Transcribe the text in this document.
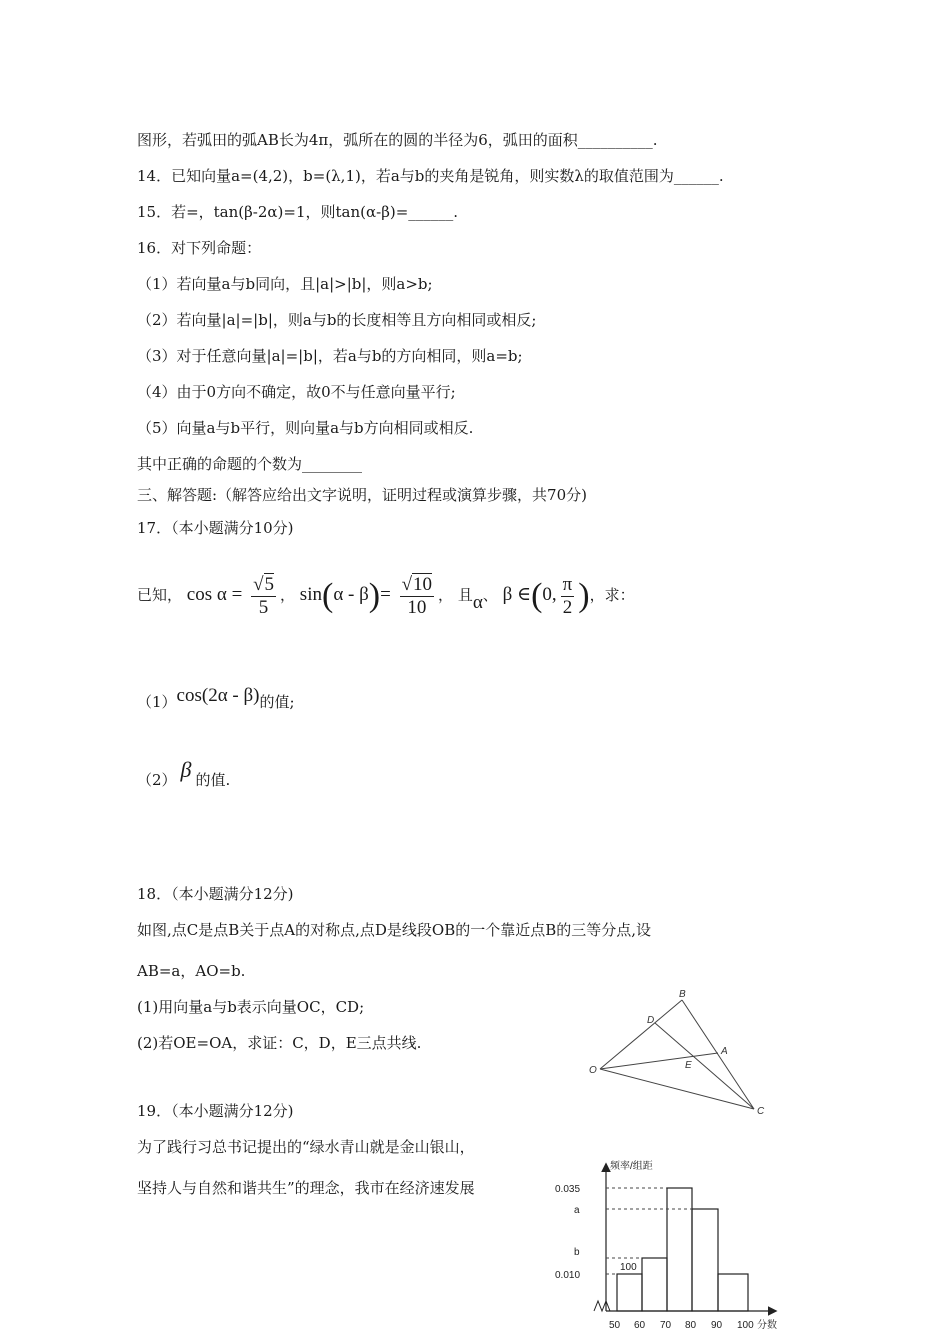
图形，若弧田的弧AB长为4π，弧所在的圆的半径为6，弧田的面积__________.
14．已知向量a=(4,2)，b=(λ,1)，若a与b的夹角是锐角，则实数λ的取值范围为______.
15．若=，tan(β-2α)=1，则tan(α-β)=______.
16．对下列命题：
（1）若向量a与b同向，且|a|>|b|，则a>b;
（2）若向量|a|=|b|，则a与b的长度相等且方向相同或相反;
（3）对于任意向量|a|=|b|，若a与b的方向相同，则a=b;
（4）由于0方向不确定，故0不与任意向量平行;
（5）向量a与b平行，则向量a与b方向相同或相反.
其中正确的命题的个数为________
三、解答题:（解答应给出文字说明，证明过程或演算步骤，共70分)
17．（本小题满分10分)
已知， $\cos \alpha = \frac{√5}{5}$ ， $\sin(\alpha - \beta)= \frac{√10}{10}$ ， 且α、 β ∈(0, $\frac{\pi}{2}$ )，求：
（1）cos(2α - β)的值;
（2） β 的值.
18．（本小题满分12分)
如图,点C是点B关于点A的对称点,点D是线段OB的一个靠近点B的三等分点,设
AB=a，AO=b.
(1)用向量a与b表示向量OC，CD;
(2)若OE=OA，求证：C，D，E三点共线.
B
D
A
E
O
C
19．（本小题满分12分)
为了践行习总书记提出的“绿水青山就是金山银山，
坚持人与自然和谐共生”的理念，我市在经济速发展
频率/组距
0.035
a
b
0.010
100
50 60 70 80 90 100 分数
